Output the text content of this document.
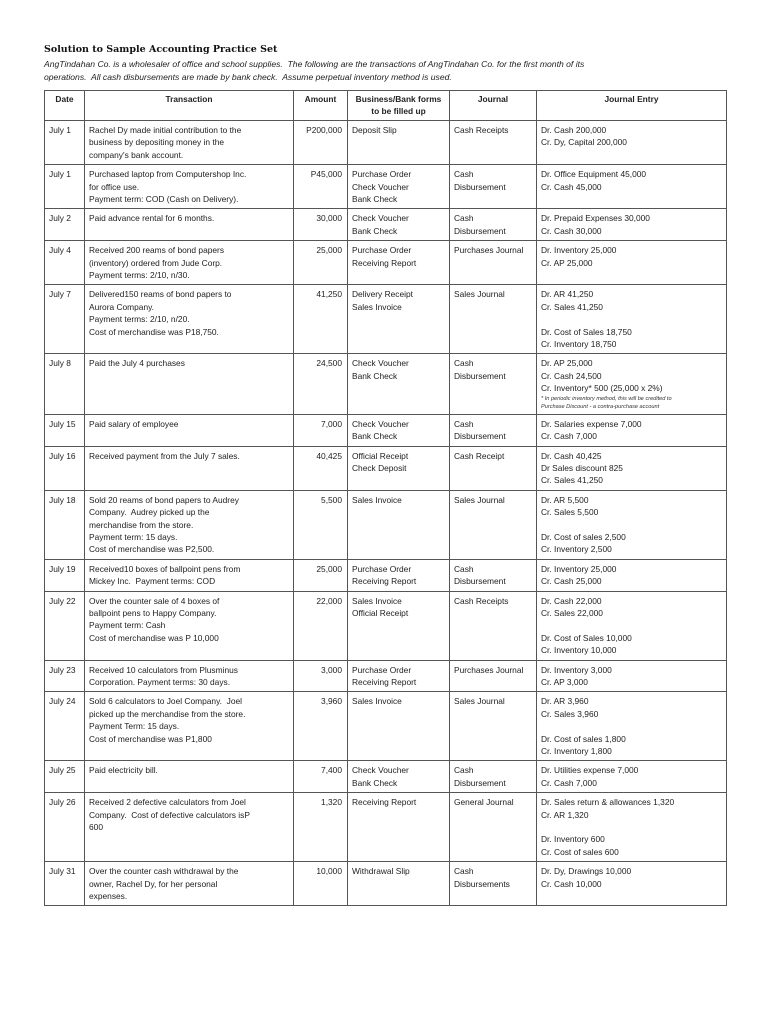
Solution to Sample Accounting Practice Set
AngTindahan Co. is a wholesaler of office and school supplies.  The following are the transactions of AngTindahan Co. for the first month of its
operations.  All cash disbursements are made by bank check.  Assume perpetual inventory method is used.
Date	Transaction	Amount	Business/Bank forms
to be filled up	Journal	Journal Entry
July 1	Rachel Dy made initial contribution to the
business by depositing money in the
company's bank account.	P200,000	Deposit Slip	Cash Receipts	Dr. Cash 200,000
Cr. Dy, Capital 200,000

July 1	Purchased laptop from Computershop Inc.
for office use.
Payment term: COD (Cash on Delivery).	P45,000	Purchase Order
Check Voucher
Bank Check	Cash
Disbursement	Dr. Office Equipment 45,000
Cr. Cash 45,000

July 2	Paid advance rental for 6 months.	30,000	Check Voucher
Bank Check	Cash
Disbursement	Dr. Prepaid Expenses 30,000
Cr. Cash 30,000

July 4	Received 200 reams of bond papers
(inventory) ordered from Jude Corp.
Payment terms: 2/10, n/30.	25,000	Purchase Order
Receiving Report	Purchases Journal	Dr. Inventory 25,000
Cr. AP 25,000

July 7	Delivered150 reams of bond papers to
Aurora Company.
Payment terms: 2/10, n/20.
Cost of merchandise was P18,750.	41,250	Delivery Receipt
Sales Invoice	Sales Journal	Dr. AR 41,250
Cr. Sales 41,250
Dr. Cost of Sales 18,750
Cr. Inventory 18,750

July 8	Paid the July 4 purchases	24,500	Check Voucher
Bank Check	Cash
Disbursement	Dr. AP 25,000
Cr. Cash 24,500
Cr. Inventory* 500 (25,000 x 2%)
* In periodic inventory method, this will be credited to
Purchase Discount - a contra-purchase account

July 15	Paid salary of employee	7,000	Check Voucher
Bank Check	Cash
Disbursement	Dr. Salaries expense 7,000
Cr. Cash 7,000

July 16	Received payment from the July 7 sales.	40,425	Official Receipt
Check Deposit	Cash Receipt	Dr. Cash 40,425
Dr Sales discount 825
Cr. Sales 41,250

July 18	Sold 20 reams of bond papers to Audrey
Company.  Audrey picked up the
merchandise from the store.
Payment term: 15 days.
Cost of merchandise was P2,500.	5,500	Sales Invoice	Sales Journal	Dr. AR 5,500
Cr. Sales 5,500
Dr. Cost of sales 2,500
Cr. Inventory 2,500

July 19	Received10 boxes of ballpoint pens from
Mickey Inc.  Payment terms: COD	25,000	Purchase Order
Receiving Report	Cash
Disbursement	Dr. Inventory 25,000
Cr. Cash 25,000

July 22	Over the counter sale of 4 boxes of
ballpoint pens to Happy Company.
Payment term: Cash
Cost of merchandise was P 10,000	22,000	Sales Invoice
Official Receipt	Cash Receipts	Dr. Cash 22,000
Cr. Sales 22,000
Dr. Cost of Sales 10,000
Cr. Inventory 10,000

July 23	Received 10 calculators from Plusminus
Corporation. Payment terms: 30 days.	3,000	Purchase Order
Receiving Report	Purchases Journal	Dr. Inventory 3,000
Cr. AP 3,000

July 24	Sold 6 calculators to Joel Company.  Joel
picked up the merchandise from the store.
Payment Term: 15 days.
Cost of merchandise was P1,800	3,960	Sales Invoice	Sales Journal	Dr. AR 3,960
Cr. Sales 3,960
Dr. Cost of sales 1,800
Cr. Inventory 1,800

July 25	Paid electricity bill.	7,400	Check Voucher
Bank Check	Cash
Disbursement	Dr. Utilities expense 7,000
Cr. Cash 7,000

July 26	Received 2 defective calculators from Joel
Company.  Cost of defective calculators isP
600	1,320	Receiving Report	General Journal	Dr. Sales return & allowances 1,320
Cr. AR 1,320
Dr. Inventory 600
Cr. Cost of sales 600

July 31	Over the counter cash withdrawal by the
owner, Rachel Dy, for her personal
expenses.	10,000	Withdrawal Slip	Cash
Disbursements	Dr. Dy, Drawings 10,000
Cr. Cash 10,000
